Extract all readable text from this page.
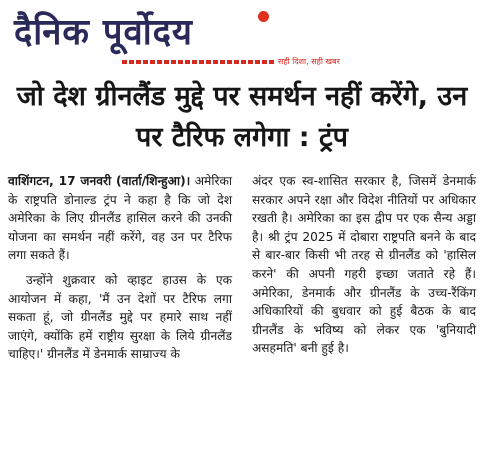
दैनिक पूर्वोदय
सही दिशा, सही खबर
जो देश ग्रीनलैंड मुद्दे पर समर्थन नहीं करेंगे, उन पर टैरिफ लगेगा : ट्रंप

वाशिंगटन, 17 जनवरी (वार्ता/शिन्हुआ)। अमेरिका के राष्ट्रपति डोनाल्ड ट्रंप ने कहा है कि जो देश अमेरिका के लिए ग्रीनलैंड हासिल करने की उनकी योजना का समर्थन नहीं करेंगे, वह उन पर टैरिफ लगा सकते हैं।

उन्होंने शुक्रवार को व्हाइट हाउस के एक आयोजन में कहा, 'मैं उन देशों पर टैरिफ लगा सकता हूं, जो ग्रीनलैंड मुद्दे पर हमारे साथ नहीं जाएंगे, क्योंकि हमें राष्ट्रीय सुरक्षा के लिये ग्रीनलैंड चाहिए।' ग्रीनलैंड में डेनमार्क साम्राज्य के

अंदर एक स्व-शासित सरकार है, जिसमें डेनमार्क सरकार अपने रक्षा और विदेश नीतियों पर अधिकार रखती है। अमेरिका का इस द्वीप पर एक सैन्य अड्डा है। श्री ट्रंप 2025 में दोबारा राष्ट्रपति बनने के बाद से बार-बार किसी भी तरह से ग्रीनलैंड को 'हासिल करने' की अपनी गहरी इच्छा जताते रहे हैं। अमेरिका, डेनमार्क और ग्रीनलैंड के उच्च-रैंकिंग अधिकारियों की बुधवार को हुई बैठक के बाद ग्रीनलैंड के भविष्य को लेकर एक 'बुनियादी असहमति' बनी हुई है।
